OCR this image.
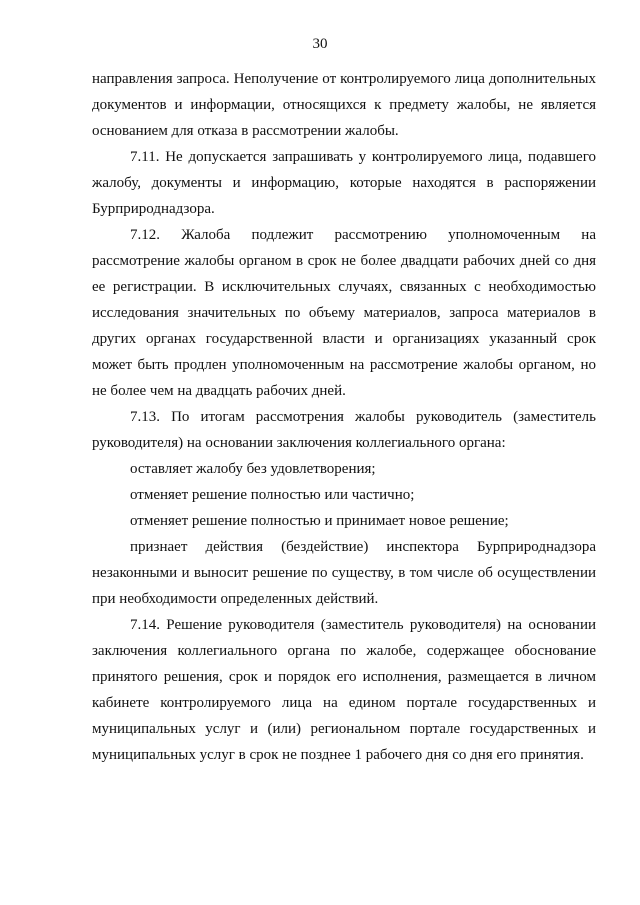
30

направления запроса. Неполучение от контролируемого лица дополнительных документов и информации, относящихся к предмету жалобы, не является основанием для отказа в рассмотрении жалобы.

7.11. Не допускается запрашивать у контролируемого лица, подавшего жалобу, документы и информацию, которые находятся в распоряжении Бурприроднадзора.

7.12. Жалоба подлежит рассмотрению уполномоченным на рассмотрение жалобы органом в срок не более двадцати рабочих дней со дня ее регистрации. В исключительных случаях, связанных с необходимостью исследования значительных по объему материалов, запроса материалов в других органах государственной власти и организациях указанный срок может быть продлен уполномоченным на рассмотрение жалобы органом, но не более чем на двадцать рабочих дней.

7.13. По итогам рассмотрения жалобы руководитель (заместитель руководителя) на основании заключения коллегиального органа:

оставляет жалобу без удовлетворения;

отменяет решение полностью или частично;

отменяет решение полностью и принимает новое решение;

признает действия (бездействие) инспектора Бурприроднадзора незаконными и выносит решение по существу, в том числе об осуществлении при необходимости определенных действий.

7.14. Решение руководителя (заместитель руководителя) на основании заключения коллегиального органа по жалобе, содержащее обоснование принятого решения, срок и порядок его исполнения, размещается в личном кабинете контролируемого лица на едином портале государственных и муниципальных услуг и (или) региональном портале государственных и муниципальных услуг в срок не позднее 1 рабочего дня со дня его принятия.
